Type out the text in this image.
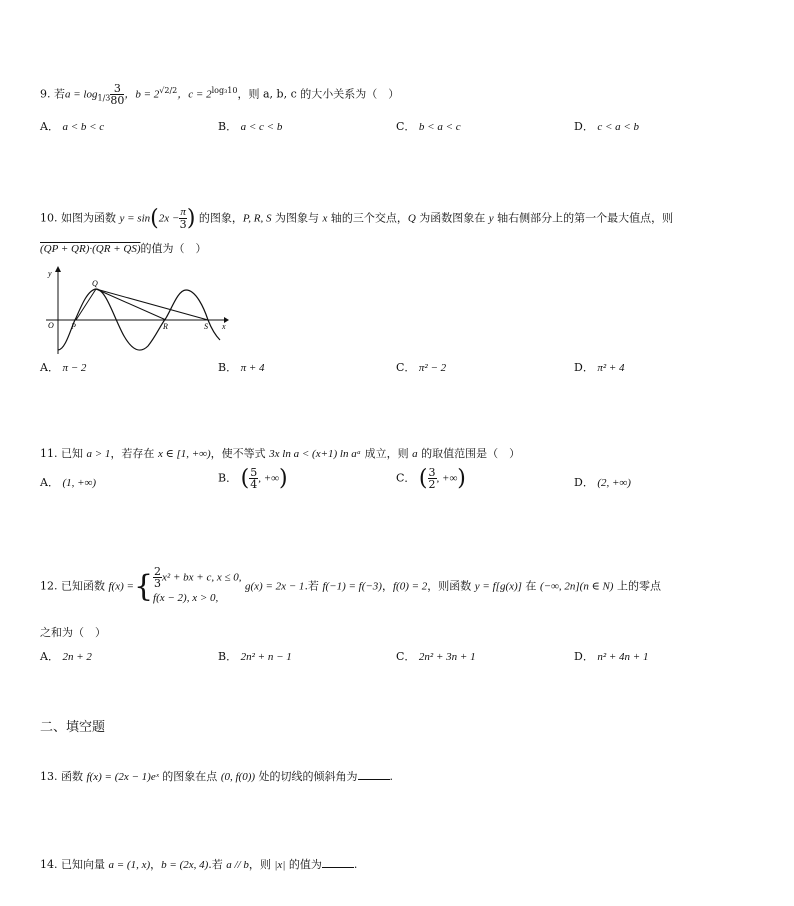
9. 若$a = \log_{1/3} \frac{3}{80}$ ，$b = 2^{√2/2}$，$c = 2^{log_310}$，则 a, b, c 的大小关系为（　）
A． a < b < c	B． a < c < b	C． b < a < c	D． c < a < b
10. 如图为函数 $y = \sin(2x - \frac{\pi}{3}$ ) 的图象，P, R, S 为图象与 x 轴的三个交点，Q 为函数图象在 y 轴右侧部分上的第一个最大值点，则
(QP + QR)·(QR + QS)的值为（　）
y
O P
Q
R	S x
A． π − 2	B． π + 4	C． π² − 2	D． π² + 4
11. 已知 a > 1，若存在 x ∈ [1, +∞)，使不等式 3x ln a < (x+1) ln aᵃ 成立，则 a 的取值范围是（　）
A． (1, +∞)	B． ( $\frac{5}{4}$ , +∞)	C． ( $\frac{3}{2}$ , +∞)	D． (2, +∞)
12. 已知函数 f(x) ={ $\frac{2}{3} x^2$ + bx + c, x ≤ 0,
f(x − 2), x > 0,
g(x) = 2x − 1.若 f(−1) = f(−3)，f(0) = 2，则函数 y = f[g(x)] 在 (−∞, 2n](n ∈ N) 上的零点
之和为（　）
A． 2n + 2	B． 2n² + n − 1	C． 2n² + 3n + 1	D． n² + 4n + 1
二、填空题
13. 函数 f(x) = (2x − 1)eˣ 的图象在点 (0, f(0)) 处的切线的倾斜角为	.
14. 已知向量 a = (1, x)，b = (2x, 4).若 a // b，则 |x| 的值为	.
